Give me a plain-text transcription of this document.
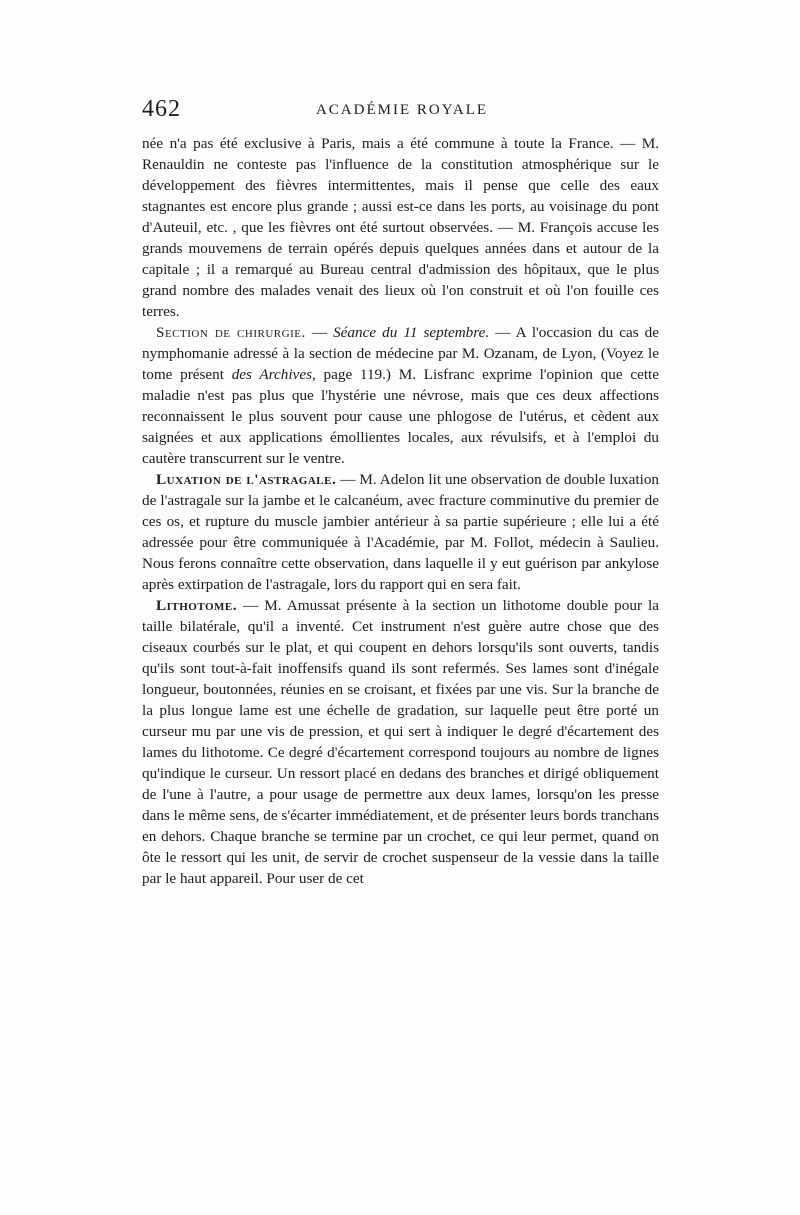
462	ACADÉMIE ROYALE

née n'a pas été exclusive à Paris, mais a été commune à toute la France. — M. Renauldin ne conteste pas l'influence de la constitution atmosphérique sur le développement des fièvres intermittentes, mais il pense que celle des eaux stagnantes est encore plus grande ; aussi est-ce dans les ports, au voisinage du pont d'Auteuil, etc. , que les fièvres ont été surtout observées. — M. François accuse les grands mouvemens de terrain opérés depuis quelques années dans et autour de la capitale ; il a remarqué au Bureau central d'admission des hôpitaux, que le plus grand nombre des malades venait des lieux où l'on construit et où l'on fouille ces terres.

Section de chirurgie. — Séance du 11 septembre. — A l'occasion du cas de nymphomanie adressé à la section de médecine par M. Ozanam, de Lyon, (Voyez le tome présent des Archives, page 119.) M. Lisfranc exprime l'opinion que cette maladie n'est pas plus que l'hystérie une névrose, mais que ces deux affections reconnaissent le plus souvent pour cause une phlogose de l'utérus, et cèdent aux saignées et aux applications émollientes locales, aux révulsifs, et à l'emploi du cautère transcurrent sur le ventre.

Luxation de l'astragale. — M. Adelon lit une observation de double luxation de l'astragale sur la jambe et le calcanéum, avec fracture comminutive du premier de ces os, et rupture du muscle jambier antérieur à sa partie supérieure ; elle lui a été adressée pour être communiquée à l'Académie, par M. Follot, médecin à Saulieu. Nous ferons connaître cette observation, dans laquelle il y eut guérison par ankylose après extirpation de l'astragale, lors du rapport qui en sera fait.

Lithotome. — M. Amussat présente à la section un lithotome double pour la taille bilatérale, qu'il a inventé. Cet instrument n'est guère autre chose que des ciseaux courbés sur le plat, et qui coupent en dehors lorsqu'ils sont ouverts, tandis qu'ils sont tout-à-fait inoffensifs quand ils sont refermés. Ses lames sont d'inégale longueur, boutonnées, réunies en se croisant, et fixées par une vis. Sur la branche de la plus longue lame est une échelle de gradation, sur laquelle peut être porté un curseur mu par une vis de pression, et qui sert à indiquer le degré d'écartement des lames du lithotome. Ce degré d'écartement correspond toujours au nombre de lignes qu'indique le curseur. Un ressort placé en dedans des branches et dirigé obliquement de l'une à l'autre, a pour usage de permettre aux deux lames, lorsqu'on les presse dans le même sens, de s'écarter immédiatement, et de présenter leurs bords tranchans en dehors. Chaque branche se termine par un crochet, ce qui leur permet, quand on ôte le ressort qui les unit, de servir de crochet suspenseur de la vessie dans la taille par le haut appareil. Pour user de cet
